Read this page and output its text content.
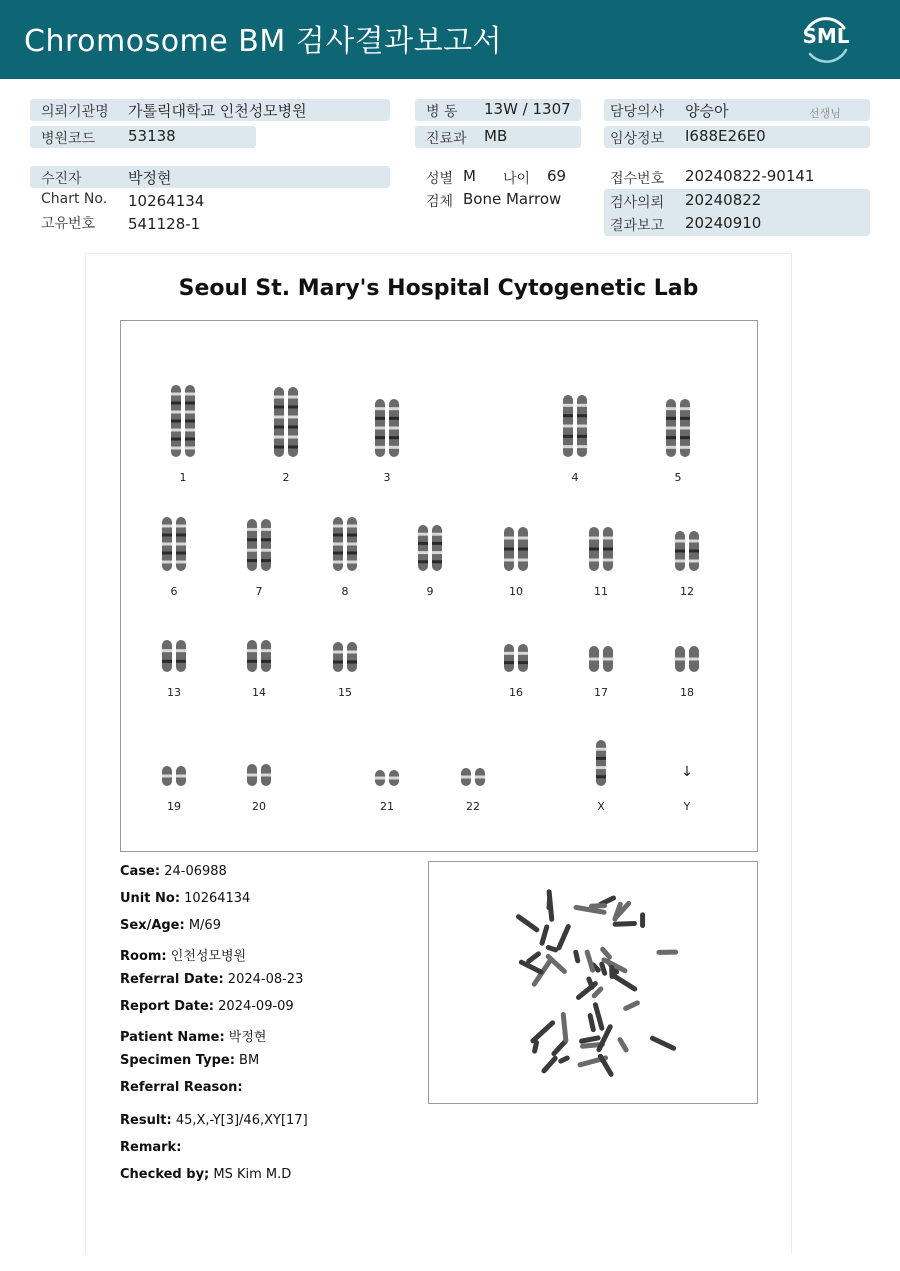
Chromosome BM 검사결과보고서	SML
의뢰기관명 가톨릭대학교 인천성모병원
병원코드 53138
병 동 13W / 1307
진료과 MB
담당의사 양승아	선생님
임상정보 I688E26E0
수진자	박정현
Chart No. 10264134
고유번호 541128-1
성별 M 나이 69
검체 Bone Marrow
접수번호 20240822-90141
검사의뢰 20240822
결과보고 20240910
Seoul St. Mary's Hospital Cytogenetic Lab
1	2	3	4	5
6	7	8	9	10	11	12
13	14	15	16	17	18
19	20	21	22	X
↓
Y
Case: 24-06988
Unit No: 10264134
Sex/Age: M/69
Room: 인천성모병원
Referral Date: 2024-08-23
Report Date: 2024-09-09
Patient Name: 박정현
Specimen Type: BM
Referral Reason:
Result: 45,X,-Y[3]/46,XY[17]
Remark:
Checked by; MS Kim M.D
